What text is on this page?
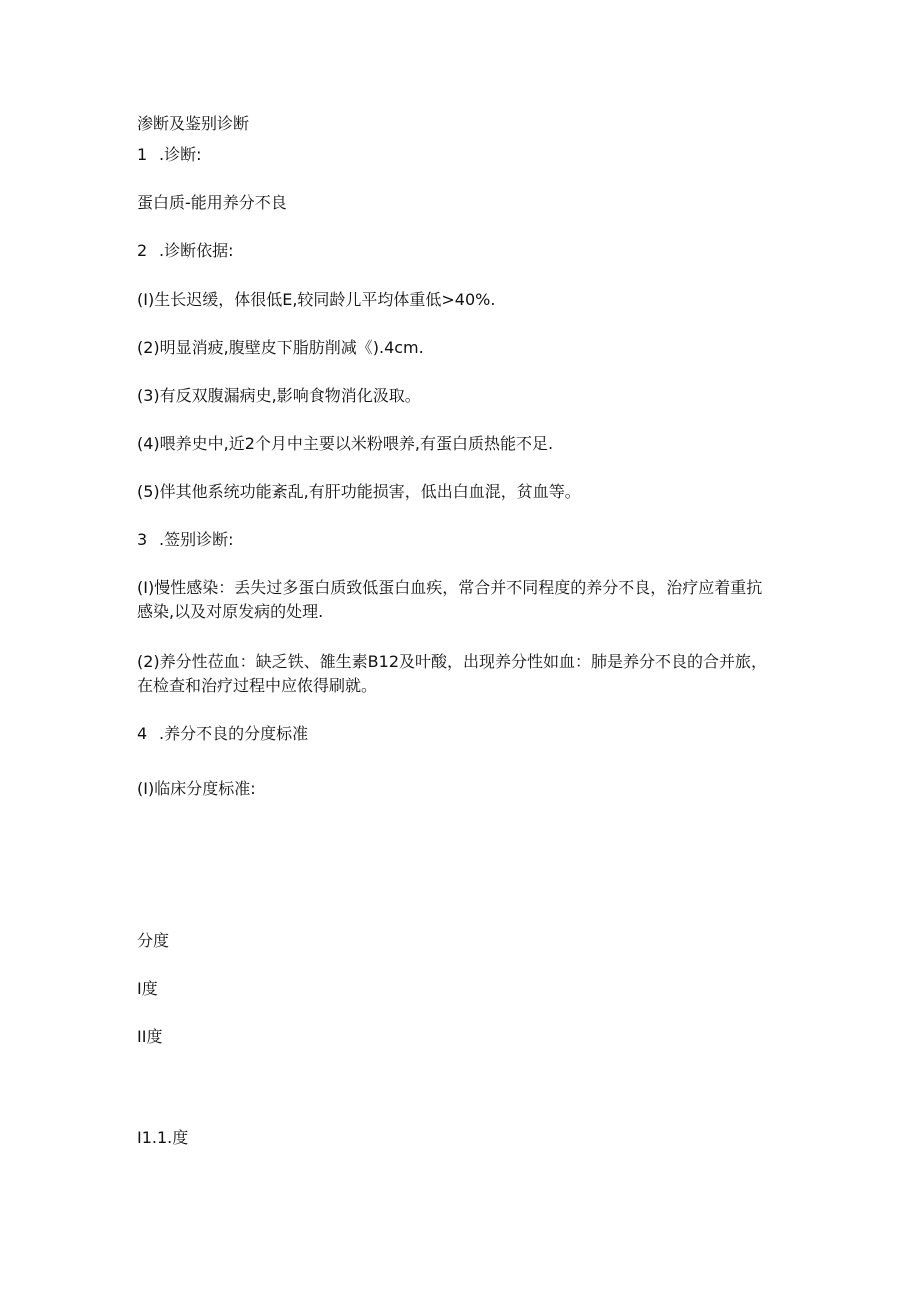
渗断及鉴别诊断

1 .诊断:

蛋白质-能用养分不良

2 .诊断依据:

(I)生长迟缓，体很低E,较同龄儿平均体重低>40%.

(2)明显消疲,腹壁皮下脂肪削减《).4cm.

(3)有反双腹漏病史,影响食物消化汲取。

(4)喂养史中,近2个月中主要以米粉喂养,有蛋白质热能不足.

(5)伴其他系统功能紊乱,有肝功能损害，低出白血混，贫血等。

3 .签别诊断:

(I)慢性感染：丢失过多蛋白质致低蛋白血疾，常合并不同程度的养分不良，治疗应着重抗感染,以及对原发病的处理.

(2)养分性莅血：缺乏铁、雒生素B12及叶酸，出现养分性如血：肺是养分不良的合并旅，在检查和治疗过程中应侬得刷就。

4 .养分不良的分度标准

(I)临床分度标准:

分度

I度

II度

I1.1.度
